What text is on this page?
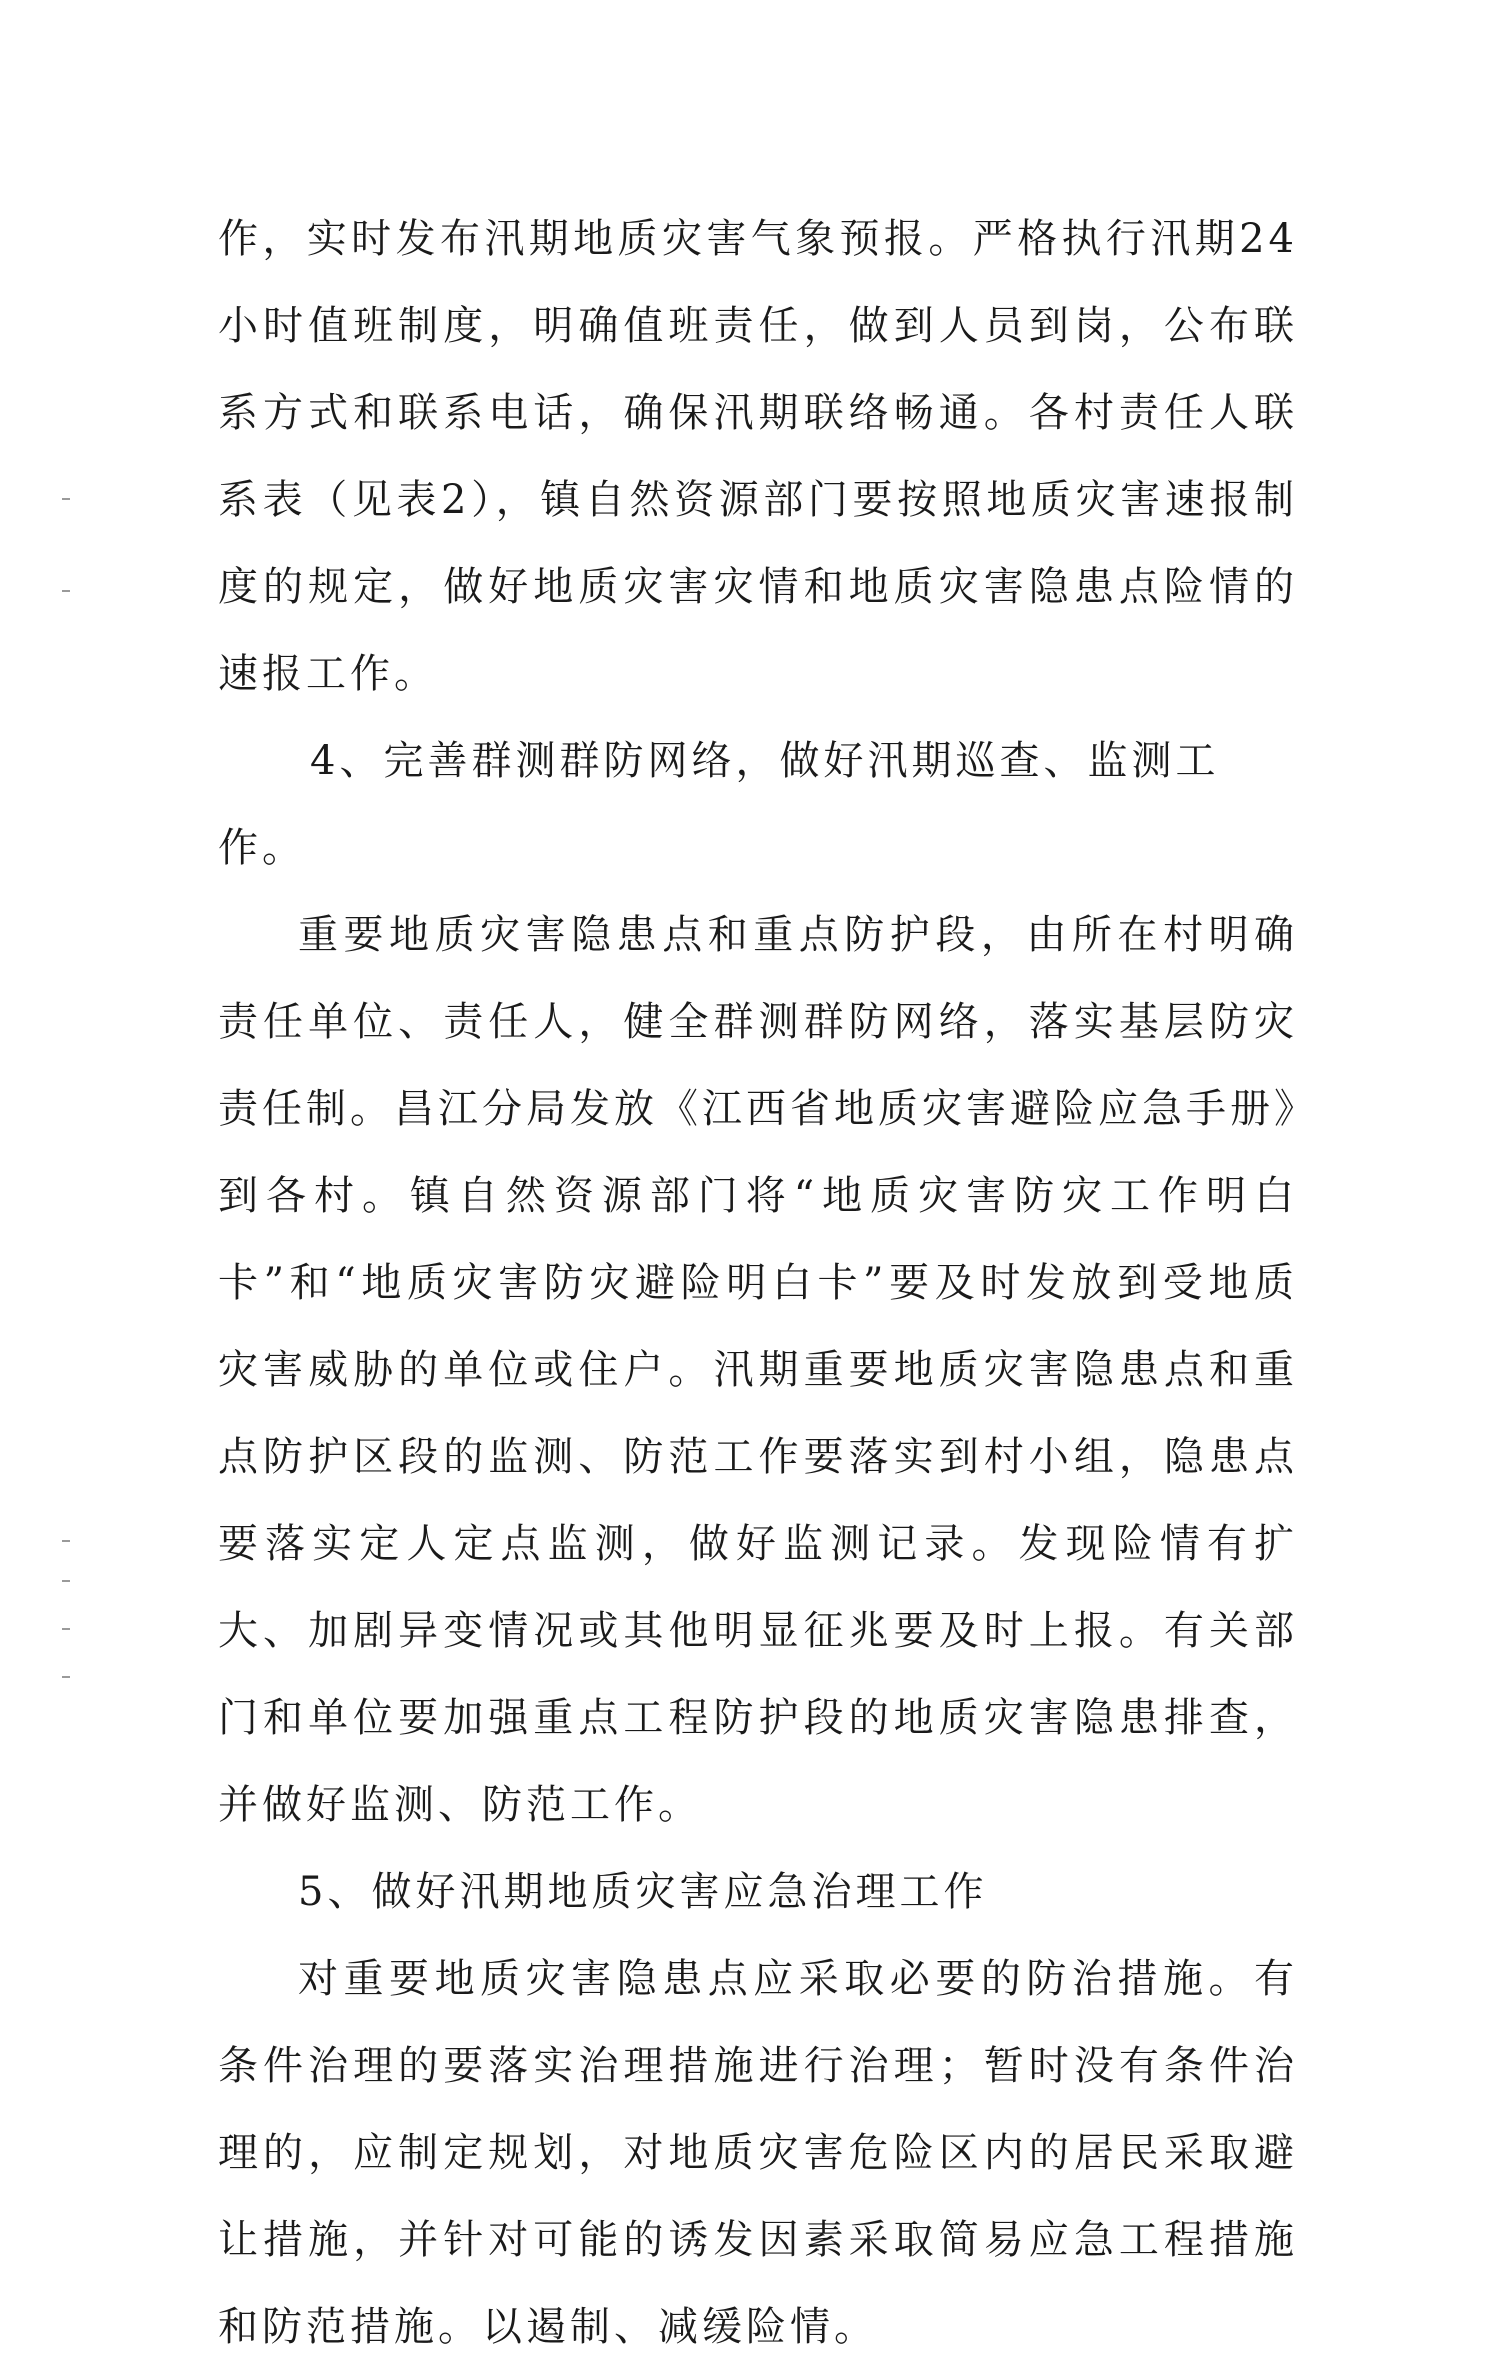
作，实时发布汛期地质灾害气象预报。严格执行汛期24小时值班制度，明确值班责任，做到人员到岗，公布联系方式和联系电话，确保汛期联络畅通。各村责任人联系表（见表2），镇自然资源部门要按照地质灾害速报制度的规定，做好地质灾害灾情和地质灾害隐患点险情的速报工作。

4、完善群测群防网络，做好汛期巡查、监测工作。

重要地质灾害隐患点和重点防护段，由所在村明确责任单位、责任人，健全群测群防网络，落实基层防灾责任制。昌江分局发放《江西省地质灾害避险应急手册》到各村。镇自然资源部门将“地质灾害防灾工作明白卡”和“地质灾害防灾避险明白卡”要及时发放到受地质灾害威胁的单位或住户。汛期重要地质灾害隐患点和重点防护区段的监测、防范工作要落实到村小组，隐患点要落实定人定点监测，做好监测记录。发现险情有扩大、加剧异变情况或其他明显征兆要及时上报。有关部门和单位要加强重点工程防护段的地质灾害隐患排查，并做好监测、防范工作。

5、做好汛期地质灾害应急治理工作

对重要地质灾害隐患点应采取必要的防治措施。有条件治理的要落实治理措施进行治理；暂时没有条件治理的，应制定规划，对地质灾害危险区内的居民采取避让措施，并针对可能的诱发因素采取简易应急工程措施和防范措施。以遏制、减缓险情。
